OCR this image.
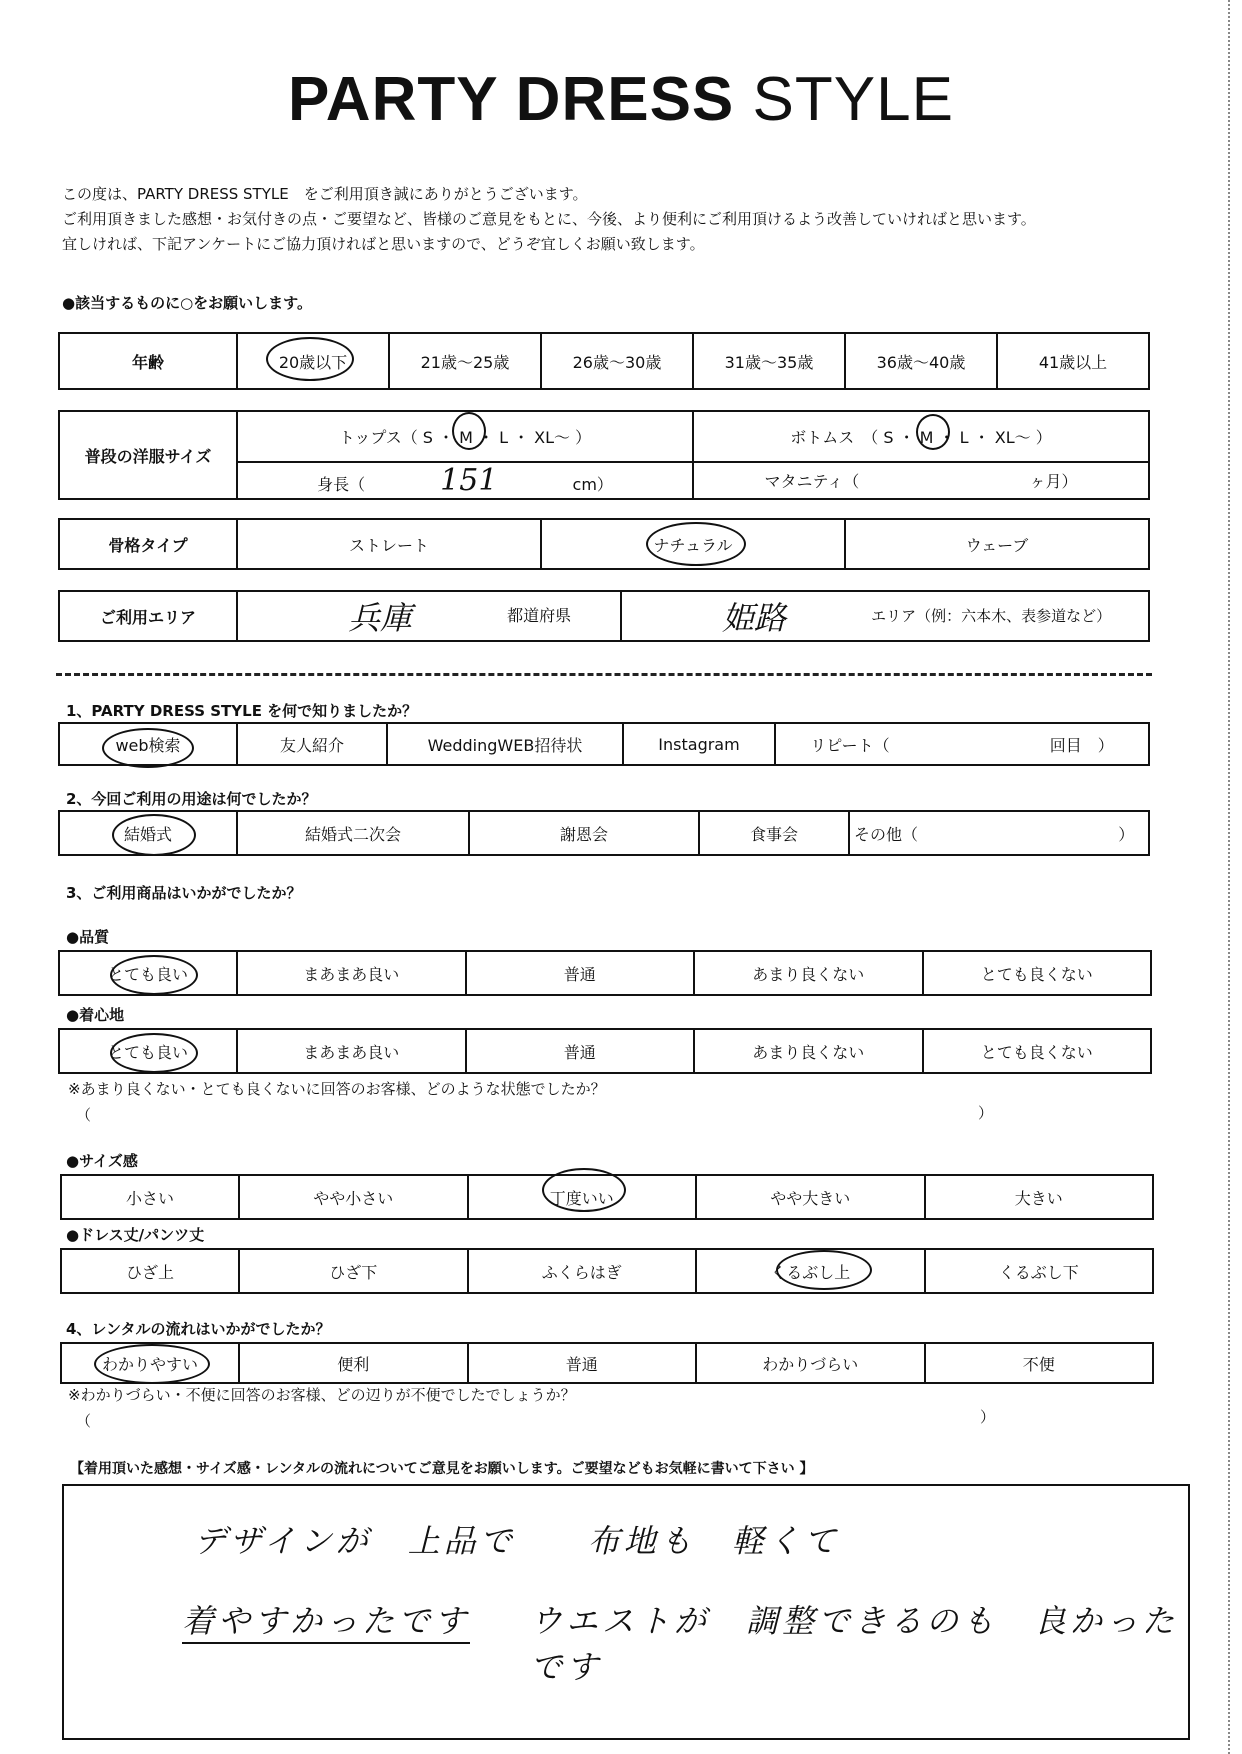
PARTY DRESS STYLE
この度は、PARTY DRESS STYLE　をご利用頂き誠にありがとうございます。
ご利用頂きました感想・お気付きの点・ご要望など、皆様のご意見をもとに、今後、より便利にご利用頂けるよう改善していければと思います。
宜しければ、下記アンケートにご協力頂ければと思いますので、どうぞ宜しくお願い致します。
●該当するものに○をお願いします。
年齢	20歳以下	21歳～25歳	26歳～30歳	31歳～35歳	36歳～40歳	41歳以上
普段の洋服サイズ	トップス（ S ・ M ・ L ・ XL～ ）	ボトムス　（ S ・ M ・ L ・ XL～ ）
	身長（ 151 cm）	マタニティ（ ヶ月）
骨格タイプ	ストレート	ナチュラル	ウェーブ
ご利用エリア	兵庫	都道府県	姫路	エリア（例：六本木、表参道など）
1、PARTY DRESS STYLE を何で知りましたか？
web検索	友人紹介	WeddingWEB招待状	Instagram	リピート（	回目　）
2、今回ご利用の用途は何でしたか？
結婚式	結婚式二次会	謝恩会	食事会	その他（	）
3、ご利用商品はいかがでしたか？
●品質
とても良い	まあまあ良い	普通	あまり良くない	とても良くない
●着心地
とても良い	まあまあ良い	普通	あまり良くない	とても良くない
※あまり良くない・とても良くないに回答のお客様、どのような状態でしたか？
（	）
●サイズ感
小さい	やや小さい	丁度いい	やや大きい	大きい
●ドレス丈/パンツ丈
ひざ上	ひざ下	ふくらはぎ	くるぶし上	くるぶし下
4、レンタルの流れはいかがでしたか？
わかりやすい	便利	普通	わかりづらい	不便
※わかりづらい・不便に回答のお客様、どの辺りが不便でしたでしょうか？
（	）
【着用頂いた感想・サイズ感・レンタルの流れについてご意見をお願いします。ご要望などもお気軽に書いて下さい 】
デザインが　上品で　　布地も　軽くて
着やすかったです ウエストが　調整できるのも　良かったです
